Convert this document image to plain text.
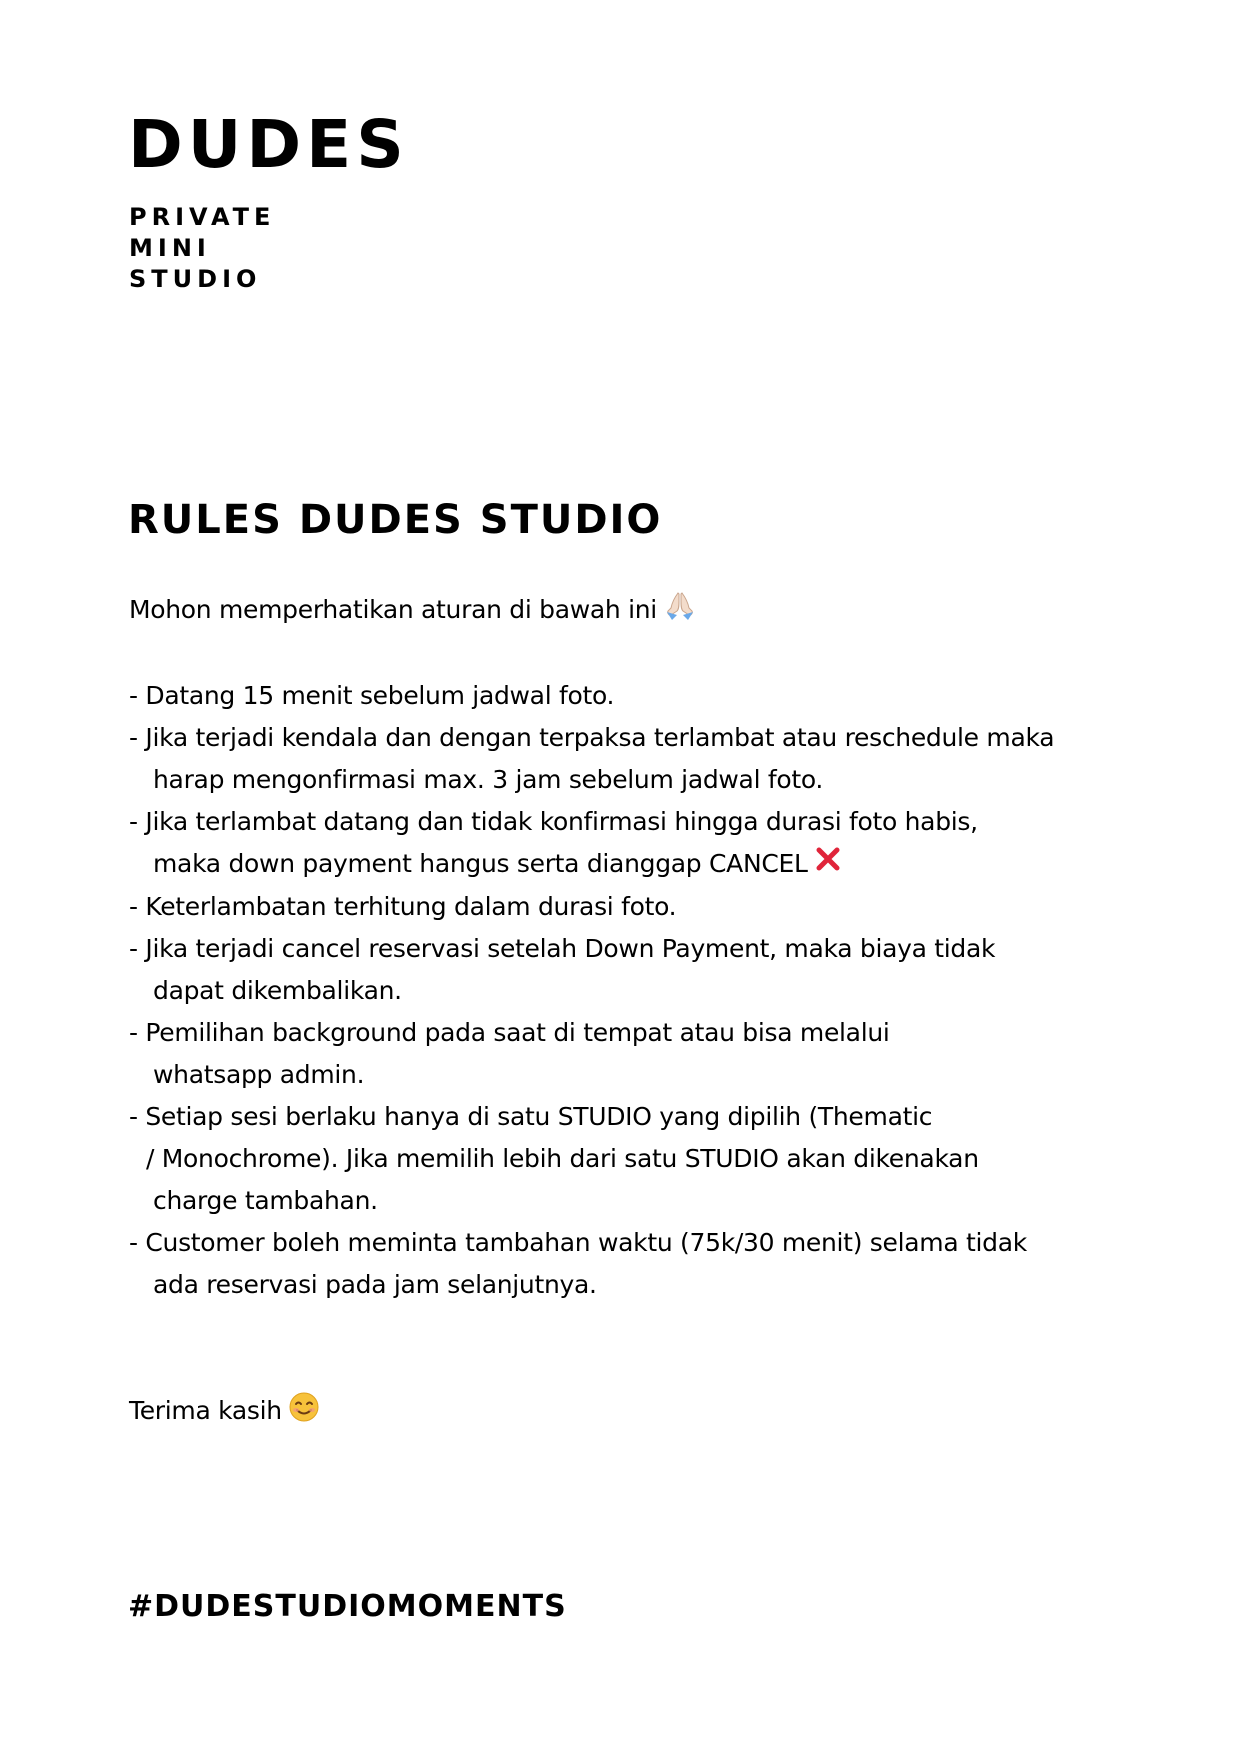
DUDES
PRIVATE
MINI
STUDIO
RULES DUDES STUDIO

Mohon memperhatikan aturan di bawah ini

- Datang 15 menit sebelum jadwal foto.
- Jika terjadi kendala dan dengan terpaksa terlambat atau reschedule maka
harap mengonfirmasi max. 3 jam sebelum jadwal foto.
- Jika terlambat datang dan tidak konfirmasi hingga durasi foto habis,
maka down payment hangus serta dianggap CANCEL
- Keterlambatan terhitung dalam durasi foto.
- Jika terjadi cancel reservasi setelah Down Payment, maka biaya tidak
dapat dikembalikan.
- Pemilihan background pada saat di tempat atau bisa melalui
whatsapp admin.
- Setiap sesi berlaku hanya di satu STUDIO yang dipilih (Thematic
/ Monochrome). Jika memilih lebih dari satu STUDIO akan dikenakan
charge tambahan.
- Customer boleh meminta tambahan waktu (75k/30 menit) selama tidak
ada reservasi pada jam selanjutnya.

Terima kasih

#DUDESTUDIOMOMENTS
